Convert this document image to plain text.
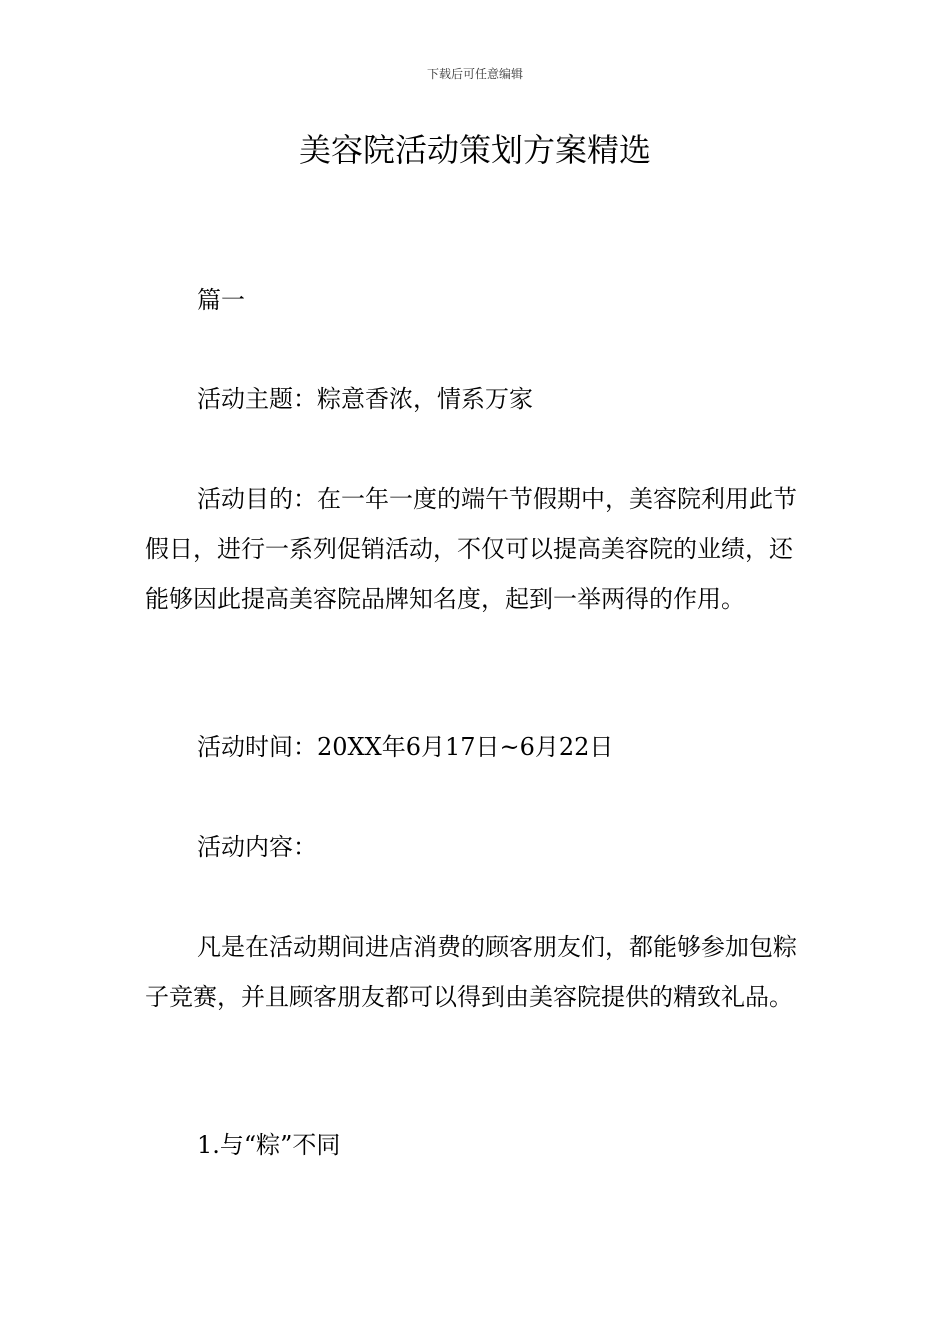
下载后可任意编辑
美容院活动策划方案精选

篇一

活动主题：粽意香浓，情系万家

活动目的：在一年一度的端午节假期中，美容院利用此节假日，进行一系列促销活动，不仅可以提高美容院的业绩，还能够因此提高美容院品牌知名度，起到一举两得的作用。

活动时间：20XX年6月17日~6月22日

活动内容：

凡是在活动期间进店消费的顾客朋友们，都能够参加包粽子竞赛，并且顾客朋友都可以得到由美容院提供的精致礼品。

1.与“粽”不同
